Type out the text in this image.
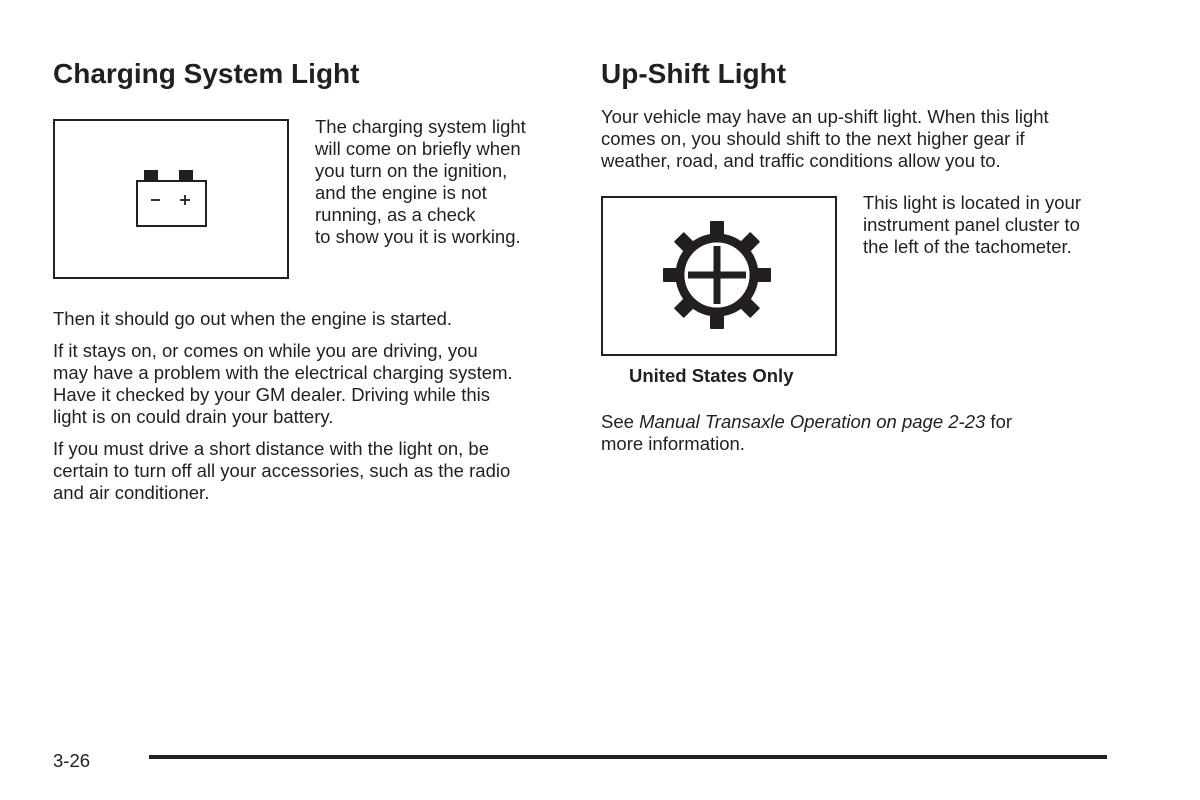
Charging System Light
The charging system light
will come on briefly when
you turn on the ignition,
and the engine is not
running, as a check
to show you it is working.

Then it should go out when the engine is started.

If it stays on, or comes on while you are driving, you
may have a problem with the electrical charging system.
Have it checked by your GM dealer. Driving while this
light is on could drain your battery.
If you must drive a short distance with the light on, be
certain to turn off all your accessories, such as the radio
and air conditioner.
Up-Shift Light
Your vehicle may have an up-shift light. When this light
comes on, you should shift to the next higher gear if
weather, road, and traffic conditions allow you to.
This light is located in your
instrument panel cluster to
the left of the tachometer.

United States Only

See Manual Transaxle Operation on page 2-23 for
more information.

3-26
